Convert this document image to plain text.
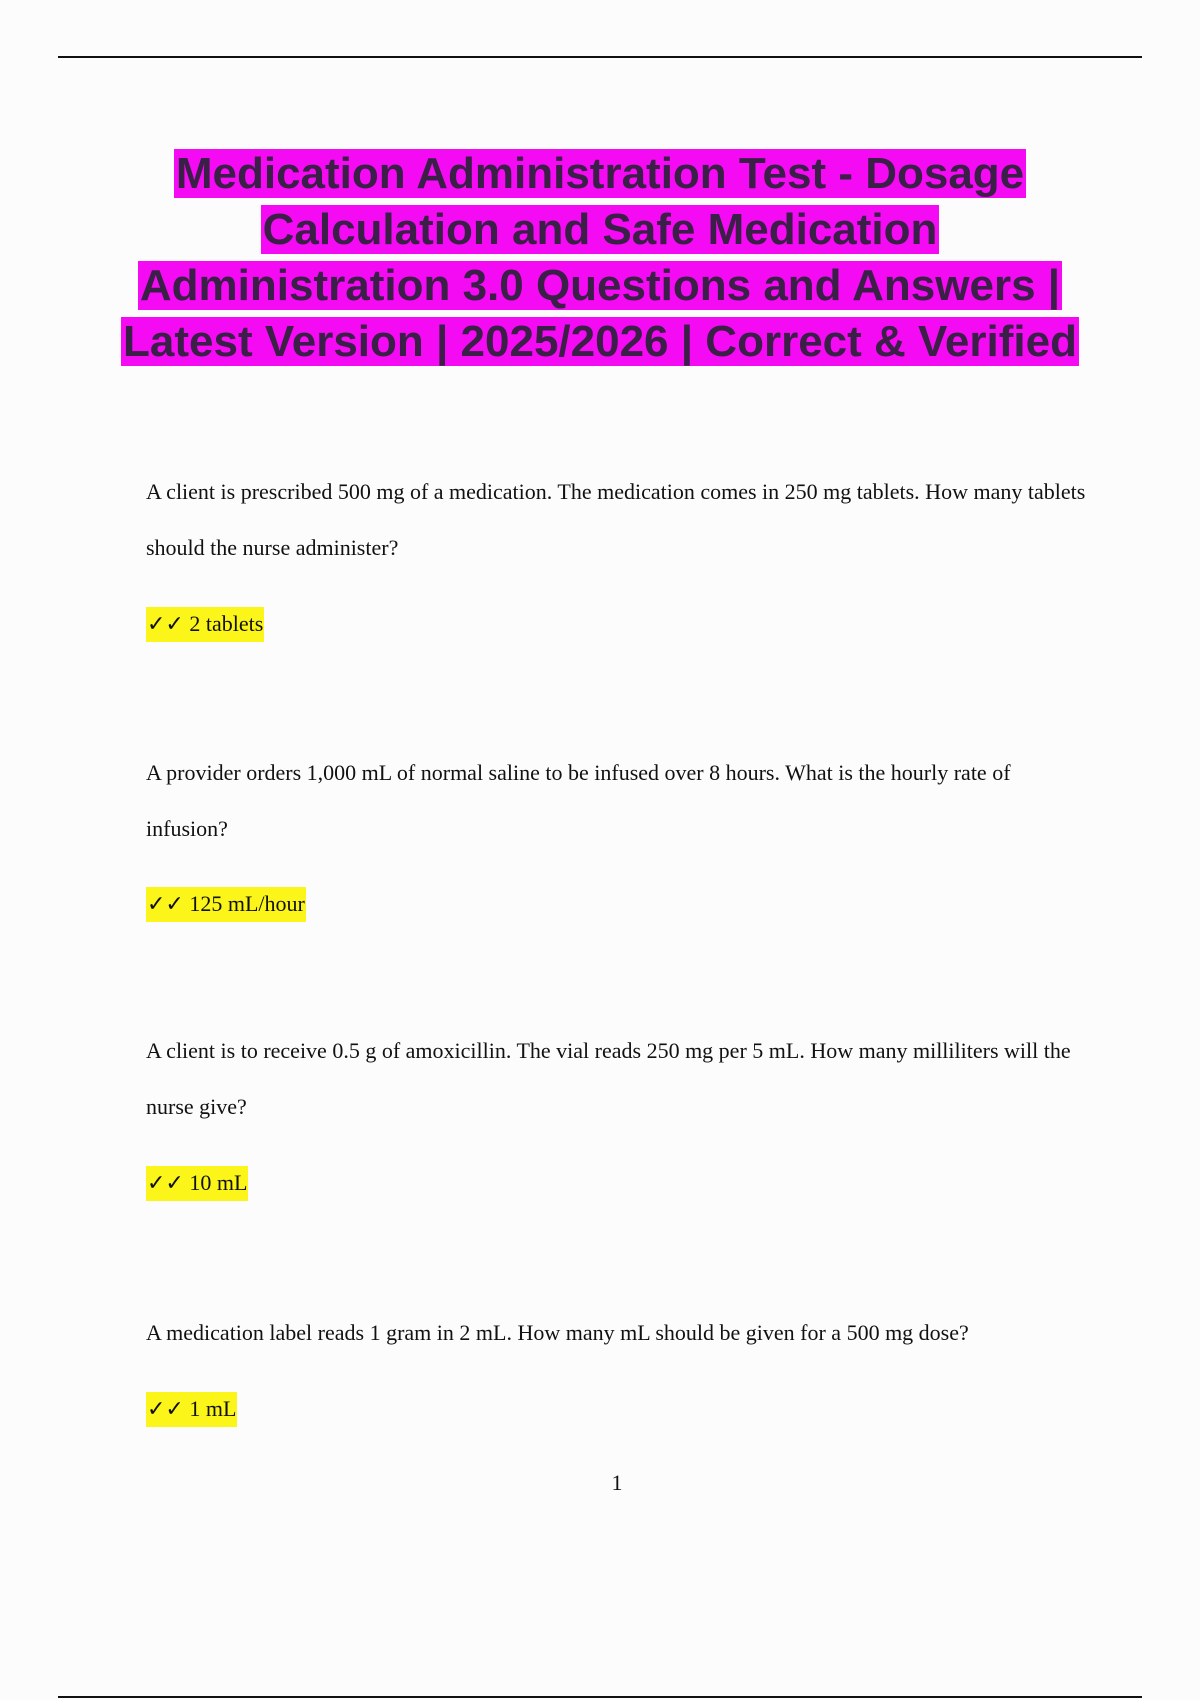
Medication Administration Test - Dosage Calculation and Safe Medication Administration 3.0 Questions and Answers | Latest Version | 2025/2026 | Correct & Verified

A client is prescribed 500 mg of a medication. The medication comes in 250 mg tablets. How many tablets should the nurse administer?

✓✓ 2 tablets

A provider orders 1,000 mL of normal saline to be infused over 8 hours. What is the hourly rate of infusion?

✓✓ 125 mL/hour

A client is to receive 0.5 g of amoxicillin. The vial reads 250 mg per 5 mL. How many milliliters will the nurse give?

✓✓ 10 mL

A medication label reads 1 gram in 2 mL. How many mL should be given for a 500 mg dose?

✓✓ 1 mL
1
